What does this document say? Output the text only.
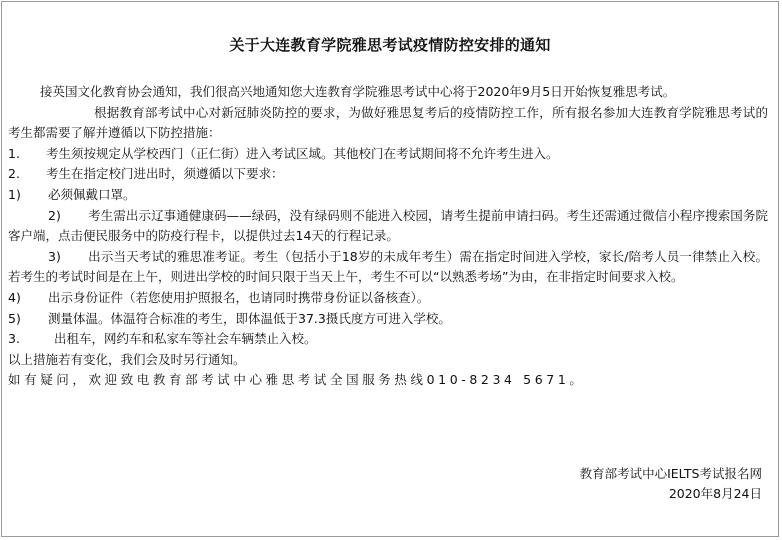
关于大连教育学院雅思考试疫情防控安排的通知

接英国文化教育协会通知，我们很高兴地通知您大连教育学院雅思考试中心将于2020年9月5日开始恢复雅思考试。

根据教育部考试中心对新冠肺炎防控的要求，为做好雅思复考后的疫情防控工作，所有报名参加大连教育学院雅思考试的考生都需要了解并遵循以下防控措施：

1. 考生须按规定从学校西门（正仁街）进入考试区域。其他校门在考试期间将不允许考生进入。

2. 考生在指定校门进出时，须遵循以下要求：

1) 必须佩戴口罩。

2) 考生需出示辽事通健康码——绿码，没有绿码则不能进入校园，请考生提前申请扫码。考生还需通过微信小程序搜索国务院客户端，点击便民服务中的防疫行程卡，以提供过去14天的行程记录。

3) 出示当天考试的雅思准考证。考生（包括小于18岁的未成年考生）需在指定时间进入学校，家长/陪考人员一律禁止入校。若考生的考试时间是在上午，则进出学校的时间只限于当天上午，考生不可以“以熟悉考场”为由，在非指定时间要求入校。

4) 出示身份证件（若您使用护照报名，也请同时携带身份证以备核查）。

5) 测量体温。体温符合标准的考生，即体温低于37.3摄氏度方可进入学校。

3.	出租车，网约车和私家车等社会车辆禁止入校。

以上措施若有变化，我们会及时另行通知。

如有疑问，欢迎致电教育部考试中心雅思考试全国服务热线010-8234 5671。

教育部考试中心IELTS考试报名网
2020年8月24日
